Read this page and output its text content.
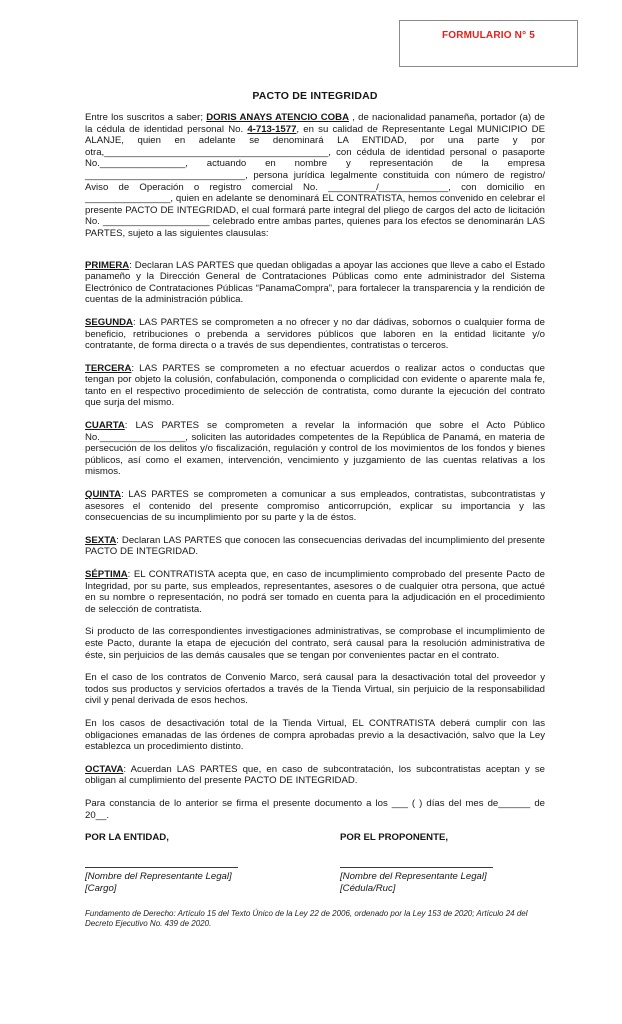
FORMULARIO N° 5
PACTO DE INTEGRIDAD

Entre los suscritos a saber; DORIS ANAYS ATENCIO COBA , de nacionalidad panameña, portador (a) de la cédula de identidad personal No. 4-713-1577, en su calidad de Representante Legal MUNICIPIO DE ALANJE, quien en adelante se denominará LA ENTIDAD, por una parte y por otra,__________________________________________, con cédula de identidad personal o pasaporte No.________________, actuando en nombre y representación de la empresa ______________________________, persona jurídica legalmente constituida con número de registro/ Aviso de Operación o registro comercial No. _________/_____________, con domicilio en ________________, quien en adelante se denominará EL CONTRATISTA, hemos convenido en celebrar el presente PACTO DE INTEGRIDAD, el cual formará parte integral del pliego de cargos del acto de licitación No. ____________________ celebrado entre ambas partes, quienes para los efectos se denominarán LAS PARTES, sujeto a las siguientes clausulas:

PRIMERA: Declaran LAS PARTES que quedan obligadas a apoyar las acciones que lleve a cabo el Estado panameño y la Dirección General de Contrataciones Públicas como ente administrador del Sistema Electrónico de Contrataciones Públicas “PanamaCompra”, para fortalecer la transparencia y la rendición de cuentas de la administración pública.

SEGUNDA: LAS PARTES se comprometen a no ofrecer y no dar dádivas, sobornos o cualquier forma de beneficio, retribuciones o prebenda a servidores públicos que laboren en la entidad licitante y/o contratante, de forma directa o a través de sus dependientes, contratistas o terceros.

TERCERA: LAS PARTES se comprometen a no efectuar acuerdos o realizar actos o conductas que tengan por objeto la colusión, confabulación, componenda o complicidad con evidente o aparente mala fe, tanto en el respectivo procedimiento de selección de contratista, como durante la ejecución del contrato que surja del mismo.

CUARTA: LAS PARTES se comprometen a revelar la información que sobre el Acto Público No.________________, soliciten las autoridades competentes de la República de Panamá, en materia de persecución de los delitos y/o fiscalización, regulación y control de los movimientos de los fondos y bienes públicos, así como el examen, intervención, vencimiento y juzgamiento de las cuentas relativas a los mismos.

QUINTA: LAS PARTES se comprometen a comunicar a sus empleados, contratistas, subcontratistas y asesores el contenido del presente compromiso anticorrupción, explicar su importancia y las consecuencias de su incumplimiento por su parte y la de éstos.

SEXTA: Declaran LAS PARTES que conocen las consecuencias derivadas del incumplimiento del presente PACTO DE INTEGRIDAD.

SÉPTIMA: EL CONTRATISTA acepta que, en caso de incumplimiento comprobado del presente Pacto de Integridad, por su parte, sus empleados, representantes, asesores o de cualquier otra persona, que actué en su nombre o representación, no podrá ser tomado en cuenta para la adjudicación en el procedimiento de selección de contratista.

Si producto de las correspondientes investigaciones administrativas, se comprobase el incumplimiento de este Pacto, durante la etapa de ejecución del contrato, será causal para la resolución administrativa de éste, sin perjuicios de las demás causales que se tengan por convenientes pactar en el contrato.

En el caso de los contratos de Convenio Marco, será causal para la desactivación total del proveedor y todos sus productos y servicios ofertados a través de la Tienda Virtual, sin perjuicio de la responsabilidad civil y penal derivada de esos hechos.

En los casos de desactivación total de la Tienda Virtual, EL CONTRATISTA deberá cumplir con las obligaciones emanadas de las órdenes de compra aprobadas previo a la desactivación, salvo que la Ley establezca un procedimiento distinto.

OCTAVA: Acuerdan LAS PARTES que, en caso de subcontratación, los subcontratistas aceptan y se obligan al cumplimiento del presente PACTO DE INTEGRIDAD.

Para constancia de lo anterior se firma el presente documento a los ___ ( ) días del mes de______ de 20__.

POR LA ENTIDAD,
[Nombre del Representante Legal]
[Cargo]
POR EL PROPONENTE,
[Nombre del Representante Legal]
[Cédula/Ruc]
Fundamento de Derecho: Artículo 15 del Texto Único de la Ley 22 de 2006, ordenado por la Ley 153 de 2020; Artículo 24 del Decreto Ejecutivo No. 439 de 2020.
